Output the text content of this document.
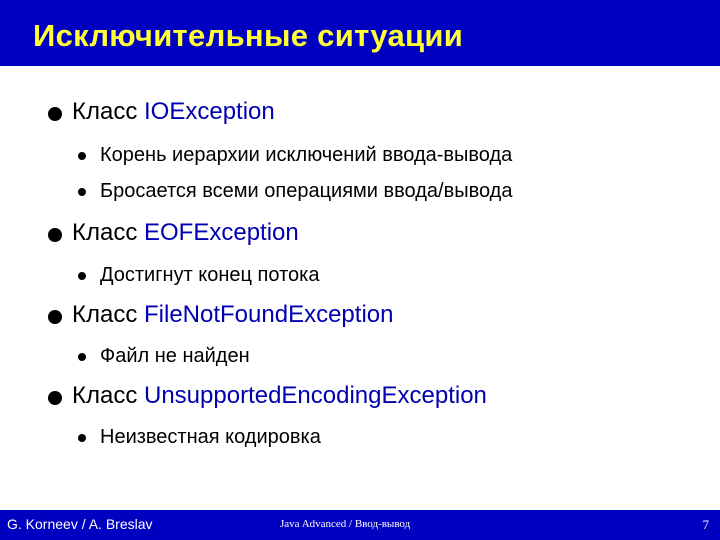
Исключительные ситуации
Класс IOException
Корень иерархии исключений ввода-вывода
Бросается всеми операциями ввода/вывода
Класс EOFException
Достигнут конец потока
Класс FileNotFoundException
Файл не найден
Класс UnsupportedEncodingException
Неизвестная кодировка
G. Korneev / A. Breslav	Java Advanced / Ввод-вывод	7
